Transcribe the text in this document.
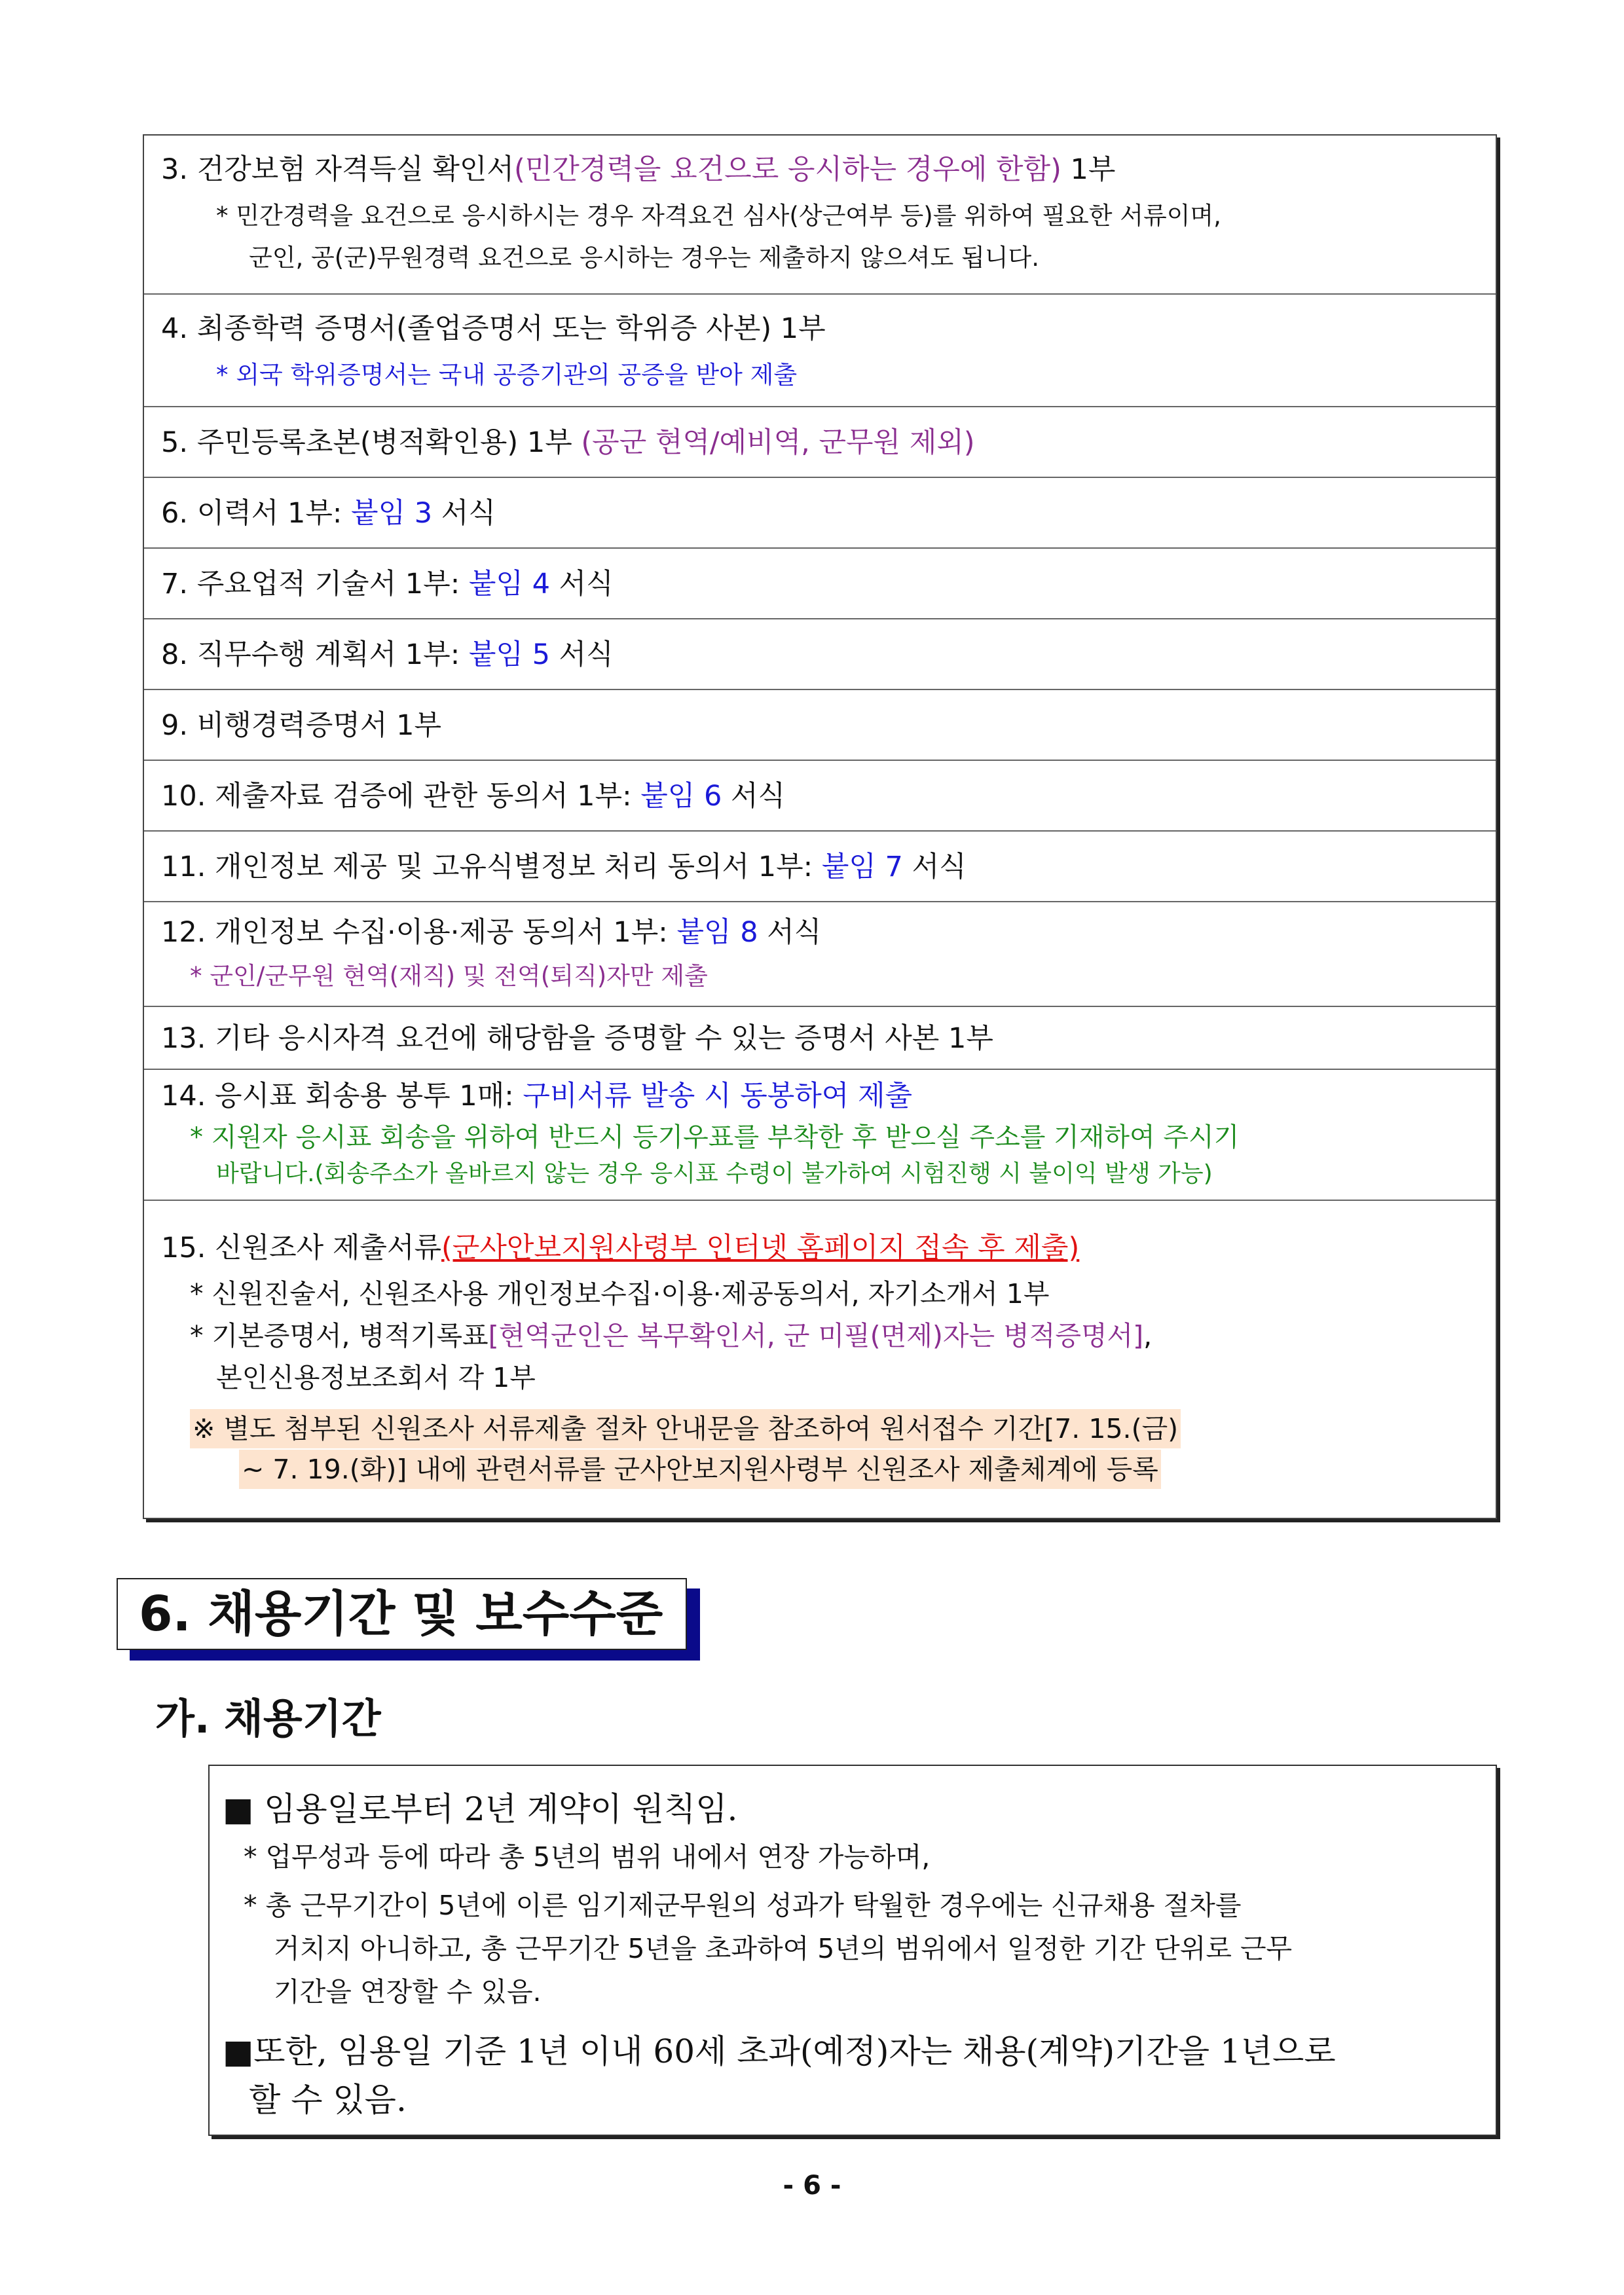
3. 건강보험 자격득실 확인서(민간경력을 요건으로 응시하는 경우에 한함) 1부
* 민간경력을 요건으로 응시하시는 경우 자격요건 심사(상근여부 등)를 위하여 필요한 서류이며,
군인, 공(군)무원경력 요건으로 응시하는 경우는 제출하지 않으셔도 됩니다.
4. 최종학력 증명서(졸업증명서 또는 학위증 사본) 1부
* 외국 학위증명서는 국내 공증기관의 공증을 받아 제출
5. 주민등록초본(병적확인용) 1부 (공군 현역/예비역, 군무원 제외)
6. 이력서 1부: 붙임 3 서식
7. 주요업적 기술서 1부: 붙임 4 서식
8. 직무수행 계획서 1부: 붙임 5 서식
9. 비행경력증명서 1부
10. 제출자료 검증에 관한 동의서 1부: 붙임 6 서식
11. 개인정보 제공 및 고유식별정보 처리 동의서 1부: 붙임 7 서식
12. 개인정보 수집·이용·제공 동의서 1부: 붙임 8 서식
* 군인/군무원 현역(재직) 및 전역(퇴직)자만 제출
13. 기타 응시자격 요건에 해당함을 증명할 수 있는 증명서 사본 1부
14. 응시표 회송용 봉투 1매: 구비서류 발송 시 동봉하여 제출
* 지원자 응시표 회송을 위하여 반드시 등기우표를 부착한 후 받으실 주소를 기재하여 주시기
바랍니다.(회송주소가 올바르지 않는 경우 응시표 수령이 불가하여 시험진행 시 불이익 발생 가능)
15. 신원조사 제출서류(군사안보지원사령부 인터넷 홈페이지 접속 후 제출)
* 신원진술서, 신원조사용 개인정보수집·이용·제공동의서, 자기소개서 1부
* 기본증명서, 병적기록표[현역군인은 복무확인서, 군 미필(면제)자는 병적증명서],
본인신용정보조회서 각 1부
※ 별도 첨부된 신원조사 서류제출 절차 안내문을 참조하여 원서접수 기간[7. 15.(금)
~ 7. 19.(화)] 내에 관련서류를 군사안보지원사령부 신원조사 제출체계에 등록
6. 채용기간 및 보수수준
가. 채용기간
■ 임용일로부터 2년 계약이 원칙임.
* 업무성과 등에 따라 총 5년의 범위 내에서 연장 가능하며,
* 총 근무기간이 5년에 이른 임기제군무원의 성과가 탁월한 경우에는 신규채용 절차를
거치지 아니하고, 총 근무기간 5년을 초과하여 5년의 범위에서 일정한 기간 단위로 근무
기간을 연장할 수 있음.
■또한, 임용일 기준 1년 이내 60세 초과(예정)자는 채용(계약)기간을 1년으로
할 수 있음.
- 6 -
